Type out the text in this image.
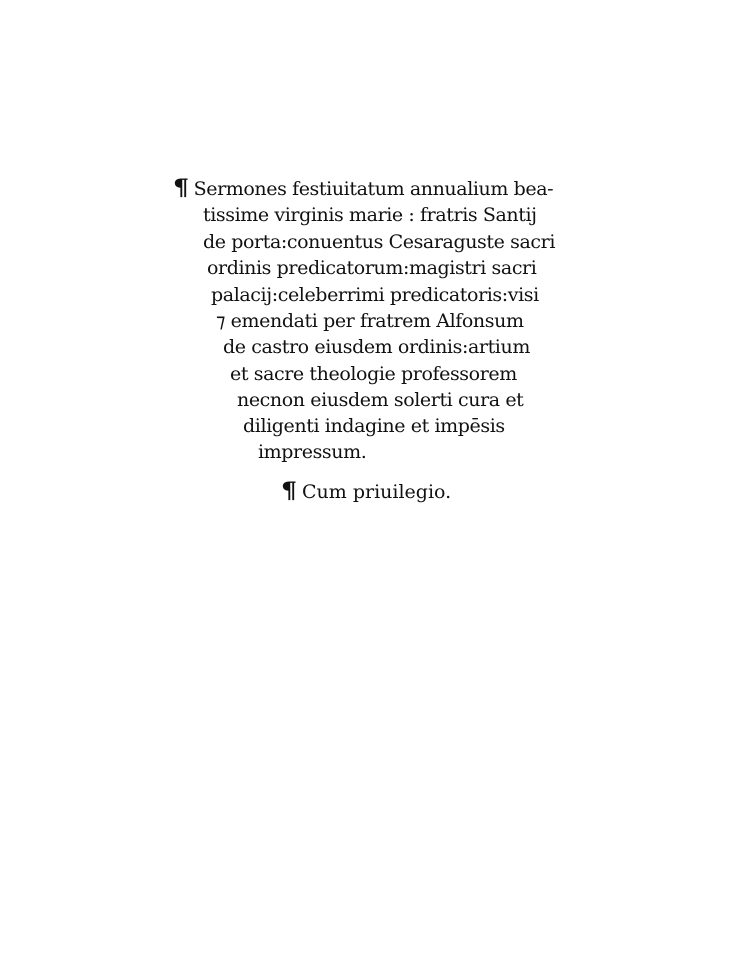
¶ Sermones festiuitatum annualium bea-
tissime virginis marie : fratris Santij
de porta:conuentus Cesaraguste sacri
ordinis predicatorum:magistri sacri
palacij:celeberrimi predicatoris:visi
⁊ emendati per fratrem Alfonsum
de castro eiusdem ordinis:artium
et sacre theologie professorem
necnon eiusdem solerti cura et
diligenti indagine et impēsis
impressum.
¶ Cum priuilegio.
